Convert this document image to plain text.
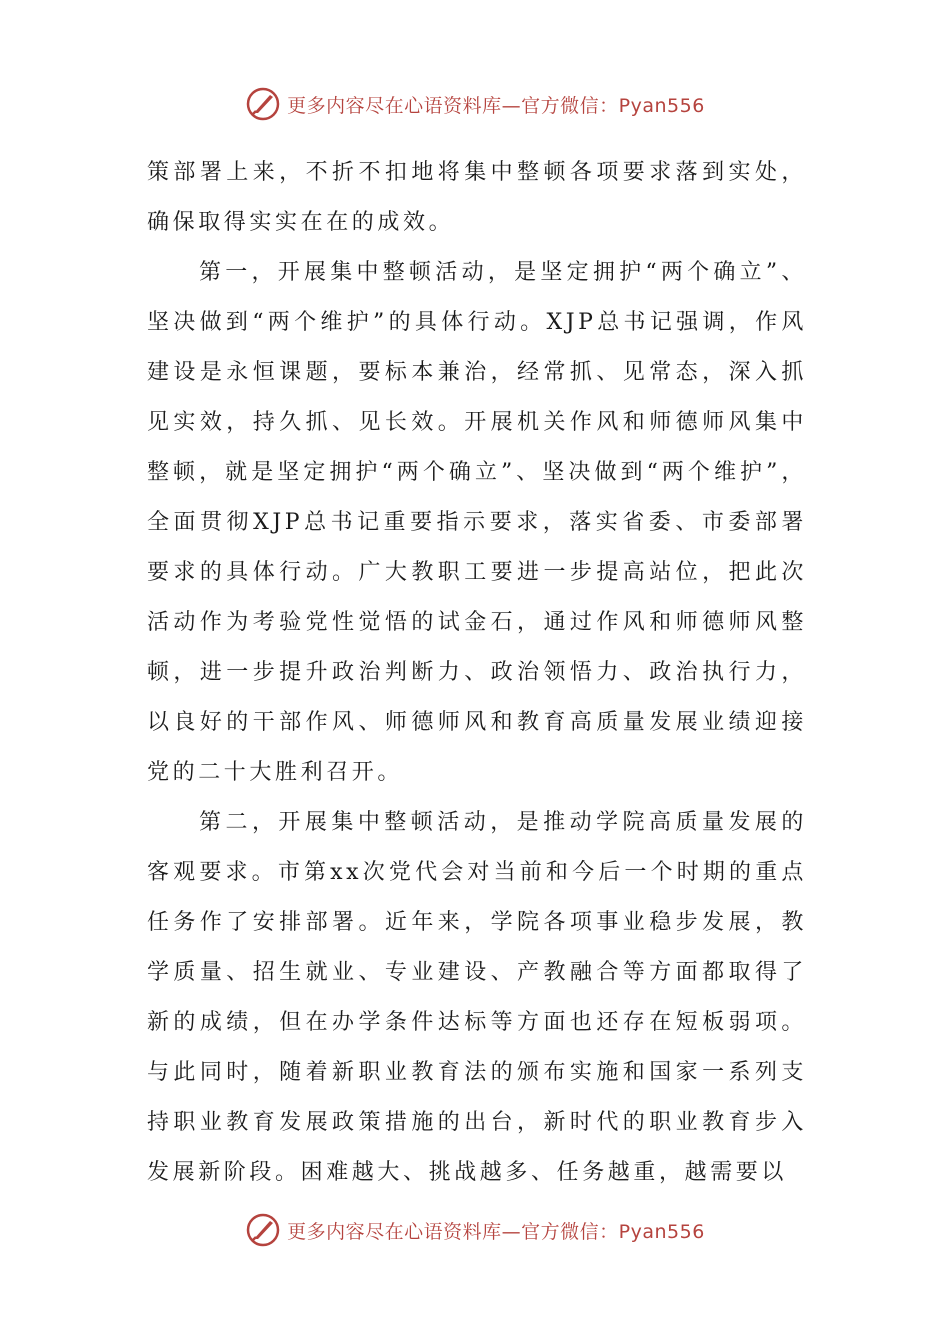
更多内容尽在心语资料库—官方微信：Pyan556

策部署上来，不折不扣地将集中整顿各项要求落到实处，确保取得实实在在的成效。

第一，开展集中整顿活动，是坚定拥护“两个确立”、坚决做到“两个维护”的具体行动。XJP总书记强调，作风建设是永恒课题，要标本兼治，经常抓、见常态，深入抓见实效，持久抓、见长效。开展机关作风和师德师风集中整顿，就是坚定拥护“两个确立”、坚决做到“两个维护”，全面贯彻XJP总书记重要指示要求，落实省委、市委部署要求的具体行动。广大教职工要进一步提高站位，把此次活动作为考验党性觉悟的试金石，通过作风和师德师风整顿，进一步提升政治判断力、政治领悟力、政治执行力，以良好的干部作风、师德师风和教育高质量发展业绩迎接党的二十大胜利召开。

第二，开展集中整顿活动，是推动学院高质量发展的客观要求。市第xx次党代会对当前和今后一个时期的重点任务作了安排部署。近年来，学院各项事业稳步发展，教学质量、招生就业、专业建设、产教融合等方面都取得了新的成绩，但在办学条件达标等方面也还存在短板弱项。与此同时，随着新职业教育法的颁布实施和国家一系列支持职业教育发展政策措施的出台，新时代的职业教育步入发展新阶段。困难越大、挑战越多、任务越重，越需要以

更多内容尽在心语资料库—官方微信：Pyan556
